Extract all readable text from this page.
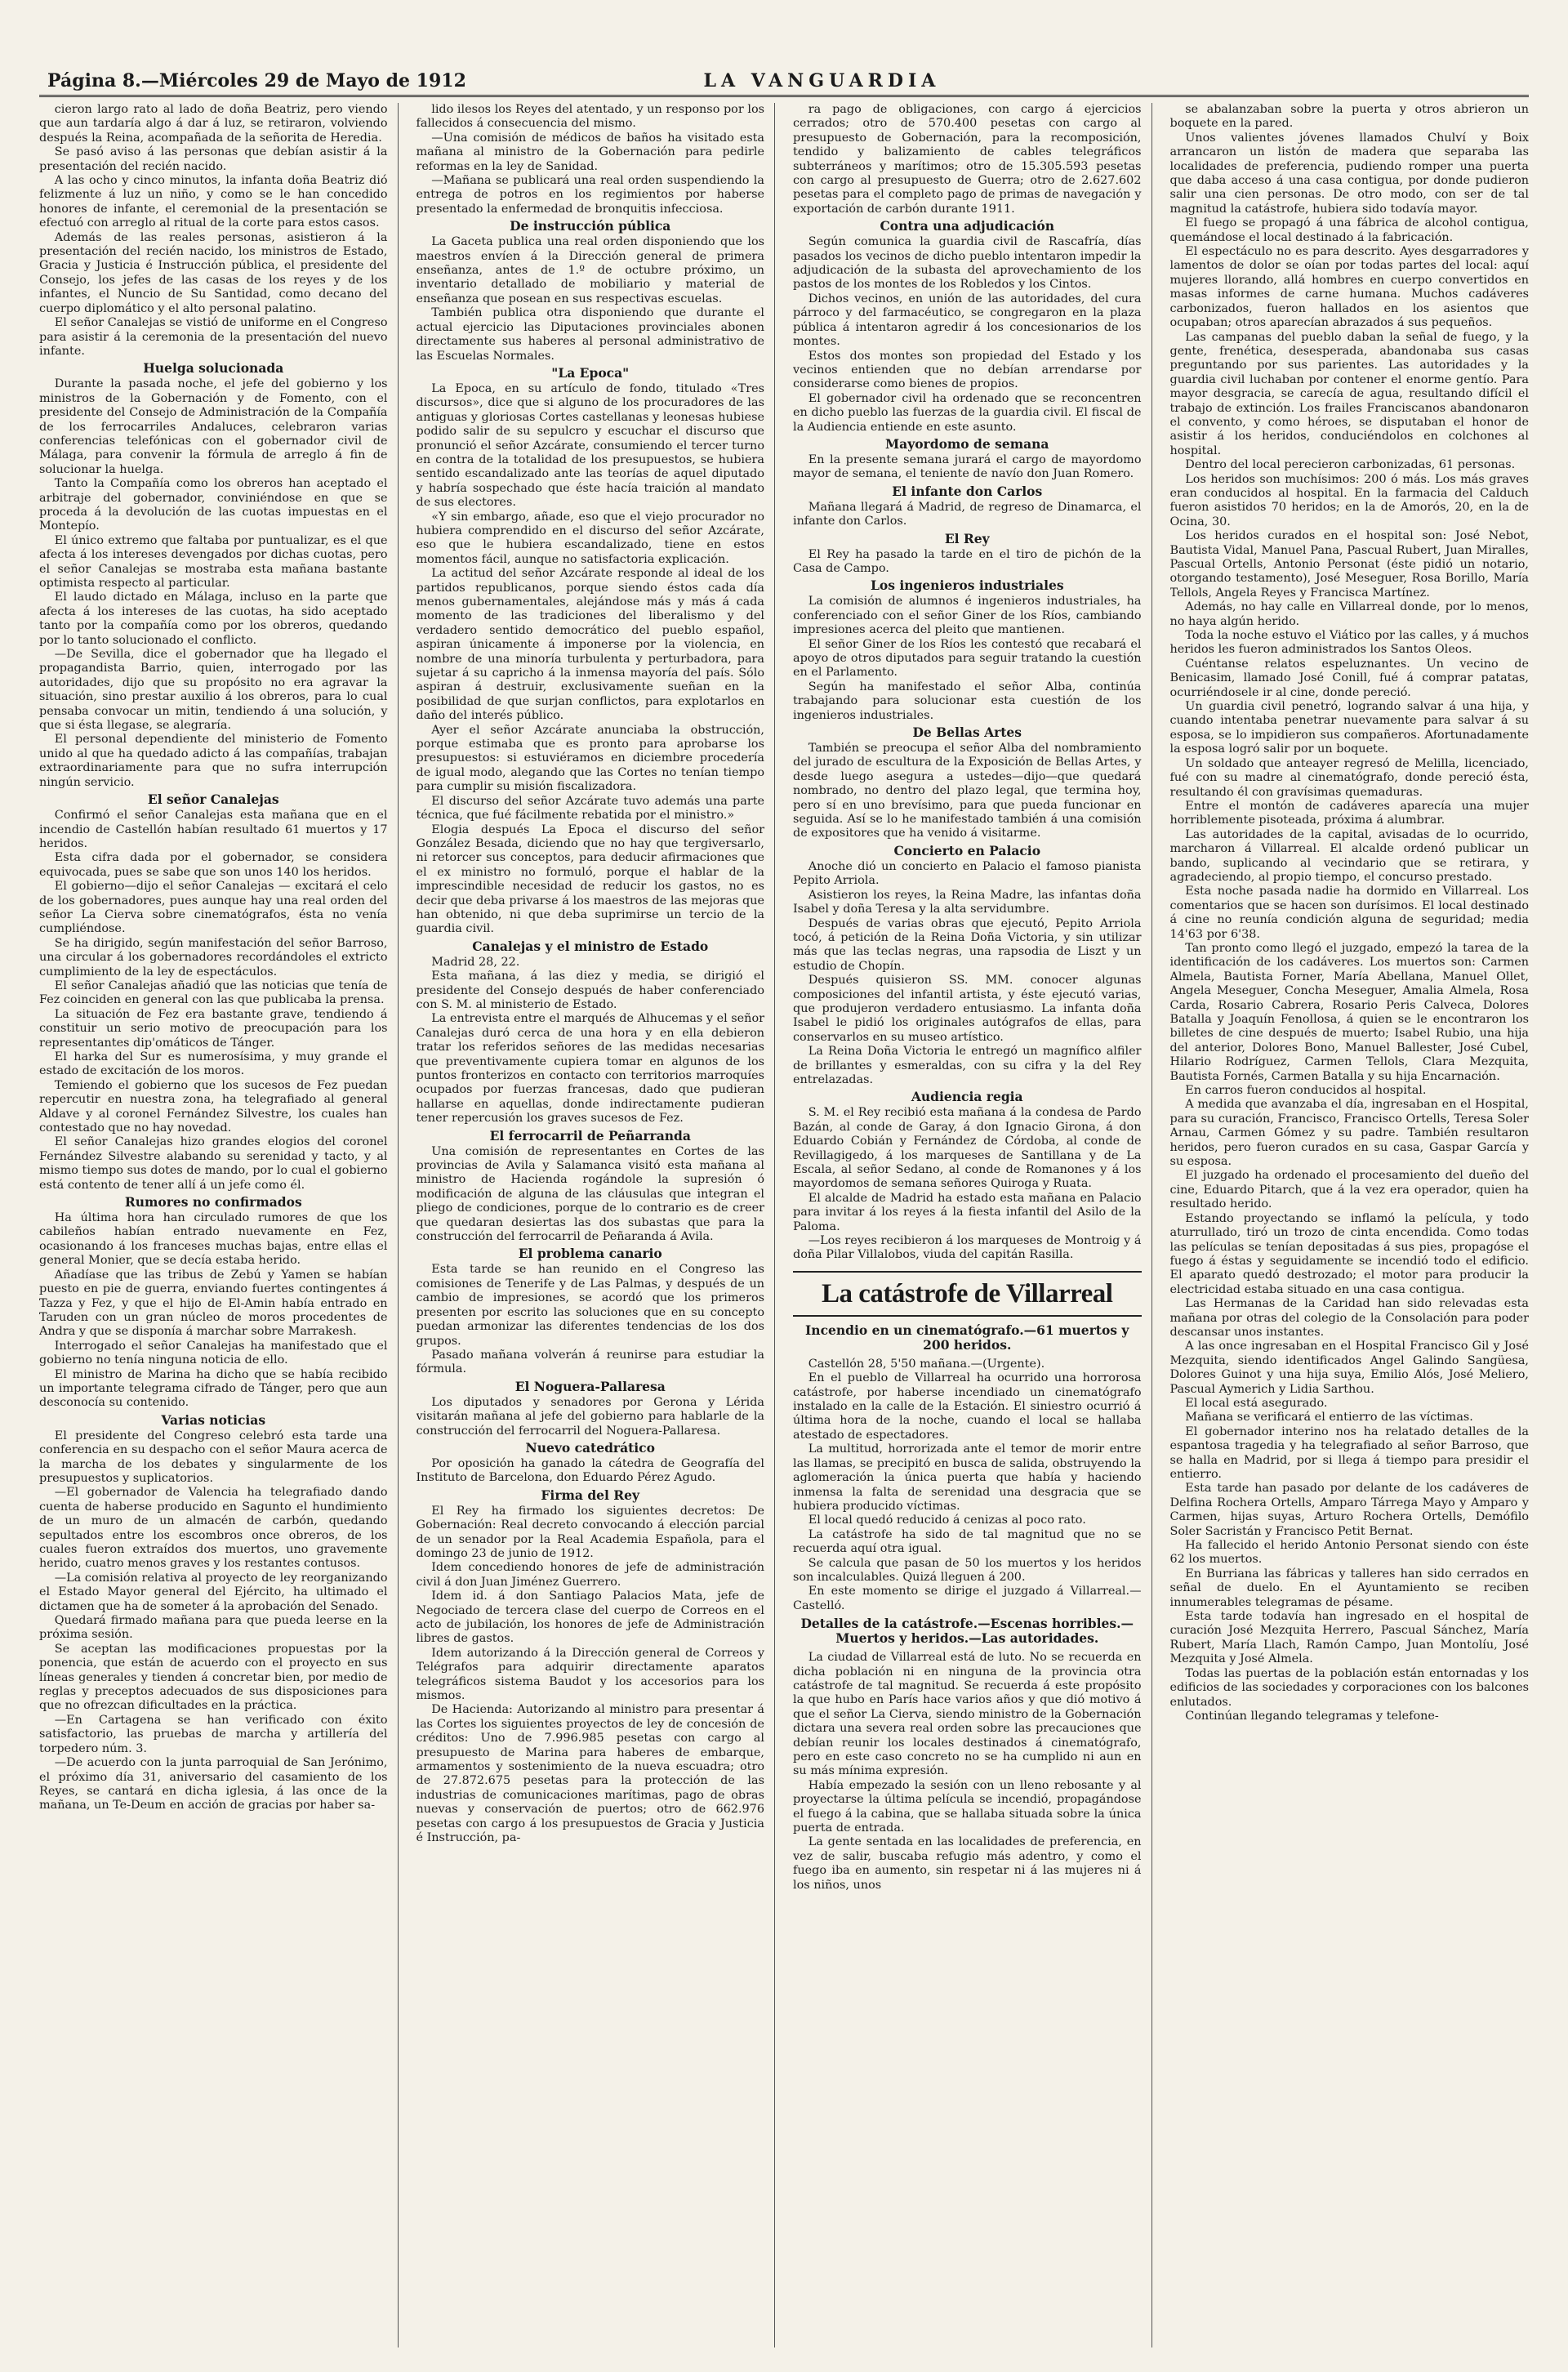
Página 8.—Miércoles 29 de Mayo de 1912	LA VANGUARDIA

cieron largo rato al lado de doña Beatriz, pero viendo que aun tardaría algo á dar á luz, se retiraron, volviendo después la Reina, acompañada de la señorita de Heredia.

Se pasó aviso á las personas que debían asistir á la presentación del recién nacido.

A las ocho y cinco minutos, la infanta doña Beatriz dió felizmente á luz un niño, y como se le han concedido honores de infante, el ceremonial de la presentación se efectuó con arreglo al ritual de la corte para estos casos.

Además de las reales personas, asistieron á la presentación del recién nacido, los ministros de Estado, Gracia y Justicia é Instrucción pública, el presidente del Consejo, los jefes de las casas de los reyes y de los infantes, el Nuncio de Su Santidad, como decano del cuerpo diplomático y el alto personal palatino.

El señor Canalejas se vistió de uniforme en el Congreso para asistir á la ceremonia de la presentación del nuevo infante.

Huelga solucionada

Durante la pasada noche, el jefe del gobierno y los ministros de la Gobernación y de Fomento, con el presidente del Consejo de Administración de la Compañía de los ferrocarriles Andaluces, celebraron varias conferencias telefónicas con el gobernador civil de Málaga, para convenir la fórmula de arreglo á fin de solucionar la huelga.

Tanto la Compañía como los obreros han aceptado el arbitraje del gobernador, conviniéndose en que se proceda á la devolución de las cuotas impuestas en el Montepío.

El único extremo que faltaba por puntualizar, es el que afecta á los intereses devengados por dichas cuotas, pero el señor Canalejas se mostraba esta mañana bastante optimista respecto al particular.

El laudo dictado en Málaga, incluso en la parte que afecta á los intereses de las cuotas, ha sido aceptado tanto por la compañía como por los obreros, quedando por lo tanto solucionado el conflicto.

—De Sevilla, dice el gobernador que ha llegado el propagandista Barrio, quien, interrogado por las autoridades, dijo que su propósito no era agravar la situación, sino prestar auxilio á los obreros, para lo cual pensaba convocar un mitin, tendiendo á una solución, y que si ésta llegase, se alegraría.

El personal dependiente del ministerio de Fomento unido al que ha quedado adicto á las compañías, trabajan extraordinariamente para que no sufra interrupción ningún servicio.

El señor Canalejas

Confirmó el señor Canalejas esta mañana que en el incendio de Castellón habían resultado 61 muertos y 17 heridos.

Esta cifra dada por el gobernador, se considera equivocada, pues se sabe que son unos 140 los heridos.

El gobierno—dijo el señor Canalejas — excitará el celo de los gobernadores, pues aunque hay una real orden del señor La Cierva sobre cinematógrafos, ésta no venía cumpliéndose.

Se ha dirigido, según manifestación del señor Barroso, una circular á los gobernadores recordándoles el extricto cumplimiento de la ley de espectáculos.

El señor Canalejas añadió que las noticias que tenía de Fez coinciden en general con las que publicaba la prensa.

La situación de Fez era bastante grave, tendiendo á constituir un serio motivo de preocupación para los representantes dip'omáticos de Tánger.

El harka del Sur es numerosísima, y muy grande el estado de excitación de los moros.

Temiendo el gobierno que los sucesos de Fez puedan repercutir en nuestra zona, ha telegrafiado al general Aldave y al coronel Fernández Silvestre, los cuales han contestado que no hay novedad.

El señor Canalejas hizo grandes elogios del coronel Fernández Silvestre alabando su serenidad y tacto, y al mismo tiempo sus dotes de mando, por lo cual el gobierno está contento de tener allí á un jefe como él.

Rumores no confirmados

Ha última hora han circulado rumores de que los cabileños habían entrado nuevamente en Fez, ocasionando á los franceses muchas bajas, entre ellas el general Monier, que se decía estaba herido.

Añadíase que las tribus de Zebú y Yamen se habían puesto en pie de guerra, enviando fuertes contingentes á Tazza y Fez, y que el hijo de El-Amin había entrado en Taruden con un gran núcleo de moros procedentes de Andra y que se disponía á marchar sobre Marrakesh.

Interrogado el señor Canalejas ha manifestado que el gobierno no tenía ninguna noticia de ello.

El ministro de Marina ha dicho que se había recibido un importante telegrama cifrado de Tánger, pero que aun desconocía su contenido.

Varias noticias

El presidente del Congreso celebró esta tarde una conferencia en su despacho con el señor Maura acerca de la marcha de los debates y singularmente de los presupuestos y suplicatorios.

—El gobernador de Valencia ha telegrafiado dando cuenta de haberse producido en Sagunto el hundimiento de un muro de un almacén de carbón, quedando sepultados entre los escombros once obreros, de los cuales fueron extraídos dos muertos, uno gravemente herido, cuatro menos graves y los restantes contusos.

—La comisión relativa al proyecto de ley reorganizando el Estado Mayor general del Ejército, ha ultimado el dictamen que ha de someter á la aprobación del Senado.

Quedará firmado mañana para que pueda leerse en la próxima sesión.

Se aceptan las modificaciones propuestas por la ponencia, que están de acuerdo con el proyecto en sus líneas generales y tienden á concretar bien, por medio de reglas y preceptos adecuados de sus disposiciones para que no ofrezcan dificultades en la práctica.

—En Cartagena se han verificado con éxito satisfactorio, las pruebas de marcha y artillería del torpedero núm. 3.

—De acuerdo con la junta parroquial de San Jerónimo, el próximo día 31, aniversario del casamiento de los Reyes, se cantará en dicha iglesia, á las once de la mañana, un Te-Deum en acción de gracias por haber sa-

lido ilesos los Reyes del atentado, y un responso por los fallecidos á consecuencia del mismo.

—Una comisión de médicos de baños ha visitado esta mañana al ministro de la Gobernación para pedirle reformas en la ley de Sanidad.

—Mañana se publicará una real orden suspendiendo la entrega de potros en los regimientos por haberse presentado la enfermedad de bronquitis infecciosa.

De instrucción pública

La Gaceta publica una real orden disponiendo que los maestros envíen á la Dirección general de primera enseñanza, antes de 1.º de octubre próximo, un inventario detallado de mobiliario y material de enseñanza que posean en sus respectivas escuelas.

También publica otra disponiendo que durante el actual ejercicio las Diputaciones provinciales abonen directamente sus haberes al personal administrativo de las Escuelas Normales.

"La Epoca"

La Epoca, en su artículo de fondo, titulado «Tres discursos», dice que si alguno de los procuradores de las antiguas y gloriosas Cortes castellanas y leonesas hubiese podido salir de su sepulcro y escuchar el discurso que pronunció el señor Azcárate, consumiendo el tercer turno en contra de la totalidad de los presupuestos, se hubiera sentido escandalizado ante las teorías de aquel diputado y habría sospechado que éste hacía traición al mandato de sus electores.

«Y sin embargo, añade, eso que el viejo procurador no hubiera comprendido en el discurso del señor Azcárate, eso que le hubiera escandalizado, tiene en estos momentos fácil, aunque no satisfactoria explicación.

La actitud del señor Azcárate responde al ideal de los partidos republicanos, porque siendo éstos cada día menos gubernamentales, alejándose más y más á cada momento de las tradiciones del liberalismo y del verdadero sentido democrático del pueblo español, aspiran únicamente á imponerse por la violencia, en nombre de una minoría turbulenta y perturbadora, para sujetar á su capricho á la inmensa mayoría del país. Sólo aspiran á destruir, exclusivamente sueñan en la posibilidad de que surjan conflictos, para explotarlos en daño del interés público.

Ayer el señor Azcárate anunciaba la obstrucción, porque estimaba que es pronto para aprobarse los presupuestos: si estuviéramos en diciembre procedería de igual modo, alegando que las Cortes no tenían tiempo para cumplir su misión fiscalizadora.

El discurso del señor Azcárate tuvo además una parte técnica, que fué fácilmente rebatida por el ministro.»

Elogia después La Epoca el discurso del señor González Besada, diciendo que no hay que tergiversarlo, ni retorcer sus conceptos, para deducir afirmaciones que el ex ministro no formuló, porque el hablar de la imprescindible necesidad de reducir los gastos, no es decir que deba privarse á los maestros de las mejoras que han obtenido, ni que deba suprimirse un tercio de la guardia civil.

Canalejas y el ministro de Estado

Madrid 28, 22.

Esta mañana, á las diez y media, se dirigió el presidente del Consejo después de haber conferenciado con S. M. al ministerio de Estado.

La entrevista entre el marqués de Alhucemas y el señor Canalejas duró cerca de una hora y en ella debieron tratar los referidos señores de las medidas necesarias que preventivamente cupiera tomar en algunos de los puntos fronterizos en contacto con territorios marroquíes ocupados por fuerzas francesas, dado que pudieran hallarse en aquellas, donde indirectamente pudieran tener repercusión los graves sucesos de Fez.

El ferrocarril de Peñarranda

Una comisión de representantes en Cortes de las provincias de Avila y Salamanca visitó esta mañana al ministro de Hacienda rogándole la supresión ó modificación de alguna de las cláusulas que integran el pliego de condiciones, porque de lo contrario es de creer que quedaran desiertas las dos subastas que para la construcción del ferrocarril de Peñaranda á Avila.

El problema canario

Esta tarde se han reunido en el Congreso las comisiones de Tenerife y de Las Palmas, y después de un cambio de impresiones, se acordó que los primeros presenten por escrito las soluciones que en su concepto puedan armonizar las diferentes tendencias de los dos grupos.

Pasado mañana volverán á reunirse para estudiar la fórmula.

El Noguera-Pallaresa

Los diputados y senadores por Gerona y Lérida visitarán mañana al jefe del gobierno para hablarle de la construcción del ferrocarril del Noguera-Pallaresa.

Nuevo catedrático

Por oposición ha ganado la cátedra de Geografía del Instituto de Barcelona, don Eduardo Pérez Agudo.

Firma del Rey

El Rey ha firmado los siguientes decretos: De Gobernación: Real decreto convocando á elección parcial de un senador por la Real Academia Española, para el domingo 23 de junio de 1912.

Idem concediendo honores de jefe de administración civil á don Juan Jiménez Guerrero.

Idem id. á don Santiago Palacios Mata, jefe de Negociado de tercera clase del cuerpo de Correos en el acto de jubilación, los honores de jefe de Administración libres de gastos.

Idem autorizando á la Dirección general de Correos y Telégrafos para adquirir directamente aparatos telegráficos sistema Baudot y los accesorios para los mismos.

De Hacienda: Autorizando al ministro para presentar á las Cortes los siguientes proyectos de ley de concesión de créditos: Uno de 7.996.985 pesetas con cargo al presupuesto de Marina para haberes de embarque, armamentos y sostenimiento de la nueva escuadra; otro de 27.872.675 pesetas para la protección de las industrias de comunicaciones marítimas, pago de obras nuevas y conservación de puertos; otro de 662.976 pesetas con cargo á los presupuestos de Gracia y Justicia é Instrucción, pa-

ra pago de obligaciones, con cargo á ejercicios cerrados; otro de 570.400 pesetas con cargo al presupuesto de Gobernación, para la recomposición, tendido y balizamiento de cables telegráficos subterráneos y marítimos; otro de 15.305.593 pesetas con cargo al presupuesto de Guerra; otro de 2.627.602 pesetas para el completo pago de primas de navegación y exportación de carbón durante 1911.

Contra una adjudicación

Según comunica la guardia civil de Rascafría, días pasados los vecinos de dicho pueblo intentaron impedir la adjudicación de la subasta del aprovechamiento de los pastos de los montes de los Robledos y los Cintos.

Dichos vecinos, en unión de las autoridades, del cura párroco y del farmacéutico, se congregaron en la plaza pública á intentaron agredir á los concesionarios de los montes.

Estos dos montes son propiedad del Estado y los vecinos entienden que no debían arrendarse por considerarse como bienes de propios.

El gobernador civil ha ordenado que se reconcentren en dicho pueblo las fuerzas de la guardia civil. El fiscal de la Audiencia entiende en este asunto.

Mayordomo de semana

En la presente semana jurará el cargo de mayordomo mayor de semana, el teniente de navío don Juan Romero.

El infante don Carlos

Mañana llegará á Madrid, de regreso de Dinamarca, el infante don Carlos.

El Rey

El Rey ha pasado la tarde en el tiro de pichón de la Casa de Campo.

Los ingenieros industriales

La comisión de alumnos é ingenieros industriales, ha conferenciado con el señor Giner de los Ríos, cambiando impresiones acerca del pleito que mantienen.

El señor Giner de los Ríos les contestó que recabará el apoyo de otros diputados para seguir tratando la cuestión en el Parlamento.

Según ha manifestado el señor Alba, continúa trabajando para solucionar esta cuestión de los ingenieros industriales.

De Bellas Artes

También se preocupa el señor Alba del nombramiento del jurado de escultura de la Exposición de Bellas Artes, y desde luego asegura a ustedes—dijo—que quedará nombrado, no dentro del plazo legal, que termina hoy, pero sí en uno brevísimo, para que pueda funcionar en seguida. Así se lo he manifestado también á una comisión de expositores que ha venido á visitarme.

Concierto en Palacio

Anoche dió un concierto en Palacio el famoso pianista Pepito Arriola.

Asistieron los reyes, la Reina Madre, las infantas doña Isabel y doña Teresa y la alta servidumbre.

Después de varias obras que ejecutó, Pepito Arriola tocó, á petición de la Reina Doña Victoria, y sin utilizar más que las teclas negras, una rapsodia de Liszt y un estudio de Chopín.

Después quisieron SS. MM. conocer algunas composiciones del infantil artista, y éste ejecutó varias, que produjeron verdadero entusiasmo. La infanta doña Isabel le pidió los originales autógrafos de ellas, para conservarlos en su museo artístico.

La Reina Doña Victoria le entregó un magnífico alfiler de brillantes y esmeraldas, con su cifra y la del Rey entrelazadas.

Audiencia regia

S. M. el Rey recibió esta mañana á la condesa de Pardo Bazán, al conde de Garay, á don Ignacio Girona, á don Eduardo Cobián y Fernández de Córdoba, al conde de Revillagigedo, á los marqueses de Santillana y de La Escala, al señor Sedano, al conde de Romanones y á los mayordomos de semana señores Quiroga y Ruata.

El alcalde de Madrid ha estado esta mañana en Palacio para invitar á los reyes á la fiesta infantil del Asilo de la Paloma.

—Los reyes recibieron á los marqueses de Montroig y á doña Pilar Villalobos, viuda del capitán Rasilla.

La catástrofe de Villarreal
Incendio en un cinematógrafo.—61 muertos y 200 heridos.

Castellón 28, 5'50 mañana.—(Urgente).

En el pueblo de Villarreal ha ocurrido una horrorosa catástrofe, por haberse incendiado un cinematógrafo instalado en la calle de la Estación. El siniestro ocurrió á última hora de la noche, cuando el local se hallaba atestado de espectadores.

La multitud, horrorizada ante el temor de morir entre las llamas, se precipitó en busca de salida, obstruyendo la aglomeración la única puerta que había y haciendo inmensa la falta de serenidad una desgracia que se hubiera producido víctimas.

El local quedó reducido á cenizas al poco rato.

La catástrofe ha sido de tal magnitud que no se recuerda aquí otra igual.

Se calcula que pasan de 50 los muertos y los heridos son incalculables. Quizá lleguen á 200.

En este momento se dirige el juzgado á Villarreal.—Castelló.

Detalles de la catástrofe.—Escenas horribles.—Muertos y heridos.—Las autoridades.

La ciudad de Villarreal está de luto. No se recuerda en dicha población ni en ninguna de la provincia otra catástrofe de tal magnitud. Se recuerda á este propósito la que hubo en París hace varios años y que dió motivo á que el señor La Cierva, siendo ministro de la Gobernación dictara una severa real orden sobre las precauciones que debían reunir los locales destinados á cinematógrafo, pero en este caso concreto no se ha cumplido ni aun en su más mínima expresión.

Había empezado la sesión con un lleno rebosante y al proyectarse la última película se incendió, propagándose el fuego á la cabina, que se hallaba situada sobre la única puerta de entrada.

La gente sentada en las localidades de preferencia, en vez de salir, buscaba refugio más adentro, y como el fuego iba en aumento, sin respetar ni á las mujeres ni á los niños, unos

se abalanzaban sobre la puerta y otros abrieron un boquete en la pared.

Unos valientes jóvenes llamados Chulví y Boix arrancaron un listón de madera que separaba las localidades de preferencia, pudiendo romper una puerta que daba acceso á una casa contigua, por donde pudieron salir una cien personas. De otro modo, con ser de tal magnitud la catástrofe, hubiera sido todavía mayor.

El fuego se propagó á una fábrica de alcohol contigua, quemándose el local destinado á la fabricación.

El espectáculo no es para descrito. Ayes desgarradores y lamentos de dolor se oían por todas partes del local: aquí mujeres llorando, allá hombres en cuerpo convertidos en masas informes de carne humana. Muchos cadáveres carbonizados, fueron hallados en los asientos que ocupaban; otros aparecían abrazados á sus pequeños.

Las campanas del pueblo daban la señal de fuego, y la gente, frenética, desesperada, abandonaba sus casas preguntando por sus parientes. Las autoridades y la guardia civil luchaban por contener el enorme gentío. Para mayor desgracia, se carecía de agua, resultando difícil el trabajo de extinción. Los frailes Franciscanos abandonaron el convento, y como héroes, se disputaban el honor de asistir á los heridos, conduciéndolos en colchones al hospital.

Dentro del local perecieron carbonizadas, 61 personas.

Los heridos son muchísimos: 200 ó más. Los más graves eran conducidos al hospital. En la farmacia del Calduch fueron asistidos 70 heridos; en la de Amorós, 20, en la de Ocina, 30.

Los heridos curados en el hospital son: José Nebot, Bautista Vidal, Manuel Pana, Pascual Rubert, Juan Miralles, Pascual Ortells, Antonio Personat (éste pidió un notario, otorgando testamento), José Meseguer, Rosa Borillo, María Tellols, Angela Reyes y Francisca Martínez.

Además, no hay calle en Villarreal donde, por lo menos, no haya algún herido.

Toda la noche estuvo el Viático por las calles, y á muchos heridos les fueron administrados los Santos Oleos.

Cuéntanse relatos espeluznantes. Un vecino de Benicasim, llamado José Conill, fué á comprar patatas, ocurriéndosele ir al cine, donde pereció.

Un guardia civil penetró, logrando salvar á una hija, y cuando intentaba penetrar nuevamente para salvar á su esposa, se lo impidieron sus compañeros. Afortunadamente la esposa logró salir por un boquete.

Un soldado que anteayer regresó de Melilla, licenciado, fué con su madre al cinematógrafo, donde pereció ésta, resultando él con gravísimas quemaduras.

Entre el montón de cadáveres aparecía una mujer horriblemente pisoteada, próxima á alumbrar.

Las autoridades de la capital, avisadas de lo ocurrido, marcharon á Villarreal. El alcalde ordenó publicar un bando, suplicando al vecindario que se retirara, y agradeciendo, al propio tiempo, el concurso prestado.

Esta noche pasada nadie ha dormido en Villarreal. Los comentarios que se hacen son durísimos. El local destinado á cine no reunía condición alguna de seguridad; media 14'63 por 6'38.

Tan pronto como llegó el juzgado, empezó la tarea de la identificación de los cadáveres. Los muertos son: Carmen Almela, Bautista Forner, María Abellana, Manuel Ollet, Angela Meseguer, Concha Meseguer, Amalia Almela, Rosa Carda, Rosario Cabrera, Rosario Peris Calveca, Dolores Batalla y Joaquín Fenollosa, á quien se le encontraron los billetes de cine después de muerto; Isabel Rubio, una hija del anterior, Dolores Bono, Manuel Ballester, José Cubel, Hilario Rodríguez, Carmen Tellols, Clara Mezquita, Bautista Fornés, Carmen Batalla y su hija Encarnación.

En carros fueron conducidos al hospital.

A medida que avanzaba el día, ingresaban en el Hospital, para su curación, Francisco, Francisco Ortells, Teresa Soler Arnau, Carmen Gómez y su padre. También resultaron heridos, pero fueron curados en su casa, Gaspar García y su esposa.

El juzgado ha ordenado el procesamiento del dueño del cine, Eduardo Pitarch, que á la vez era operador, quien ha resultado herido.

Estando proyectando se inflamó la película, y todo aturrullado, tiró un trozo de cinta encendida. Como todas las películas se tenían depositadas á sus pies, propagóse el fuego á éstas y seguidamente se incendió todo el edificio. El aparato quedó destrozado; el motor para producir la electricidad estaba situado en una casa contigua.

Las Hermanas de la Caridad han sido relevadas esta mañana por otras del colegio de la Consolación para poder descansar unos instantes.

A las once ingresaban en el Hospital Francisco Gil y José Mezquita, siendo identificados Angel Galindo Sangüesa, Dolores Guinot y una hija suya, Emilio Alós, José Meliero, Pascual Aymerich y Lidia Sarthou.

El local está asegurado.

Mañana se verificará el entierro de las víctimas.

El gobernador interino nos ha relatado detalles de la espantosa tragedia y ha telegrafiado al señor Barroso, que se halla en Madrid, por si llega á tiempo para presidir el entierro.

Esta tarde han pasado por delante de los cadáveres de Delfina Rochera Ortells, Amparo Tárrega Mayo y Amparo y Carmen, hijas suyas, Arturo Rochera Ortells, Demófilo Soler Sacristán y Francisco Petit Bernat.

Ha fallecido el herido Antonio Personat siendo con éste 62 los muertos.

En Burriana las fábricas y talleres han sido cerrados en señal de duelo. En el Ayuntamiento se reciben innumerables telegramas de pésame.

Esta tarde todavía han ingresado en el hospital de curación José Mezquita Herrero, Pascual Sánchez, María Rubert, María Llach, Ramón Campo, Juan Montolíu, José Mezquita y José Almela.

Todas las puertas de la población están entornadas y los edificios de las sociedades y corporaciones con los balcones enlutados.

Continúan llegando telegramas y telefone-
